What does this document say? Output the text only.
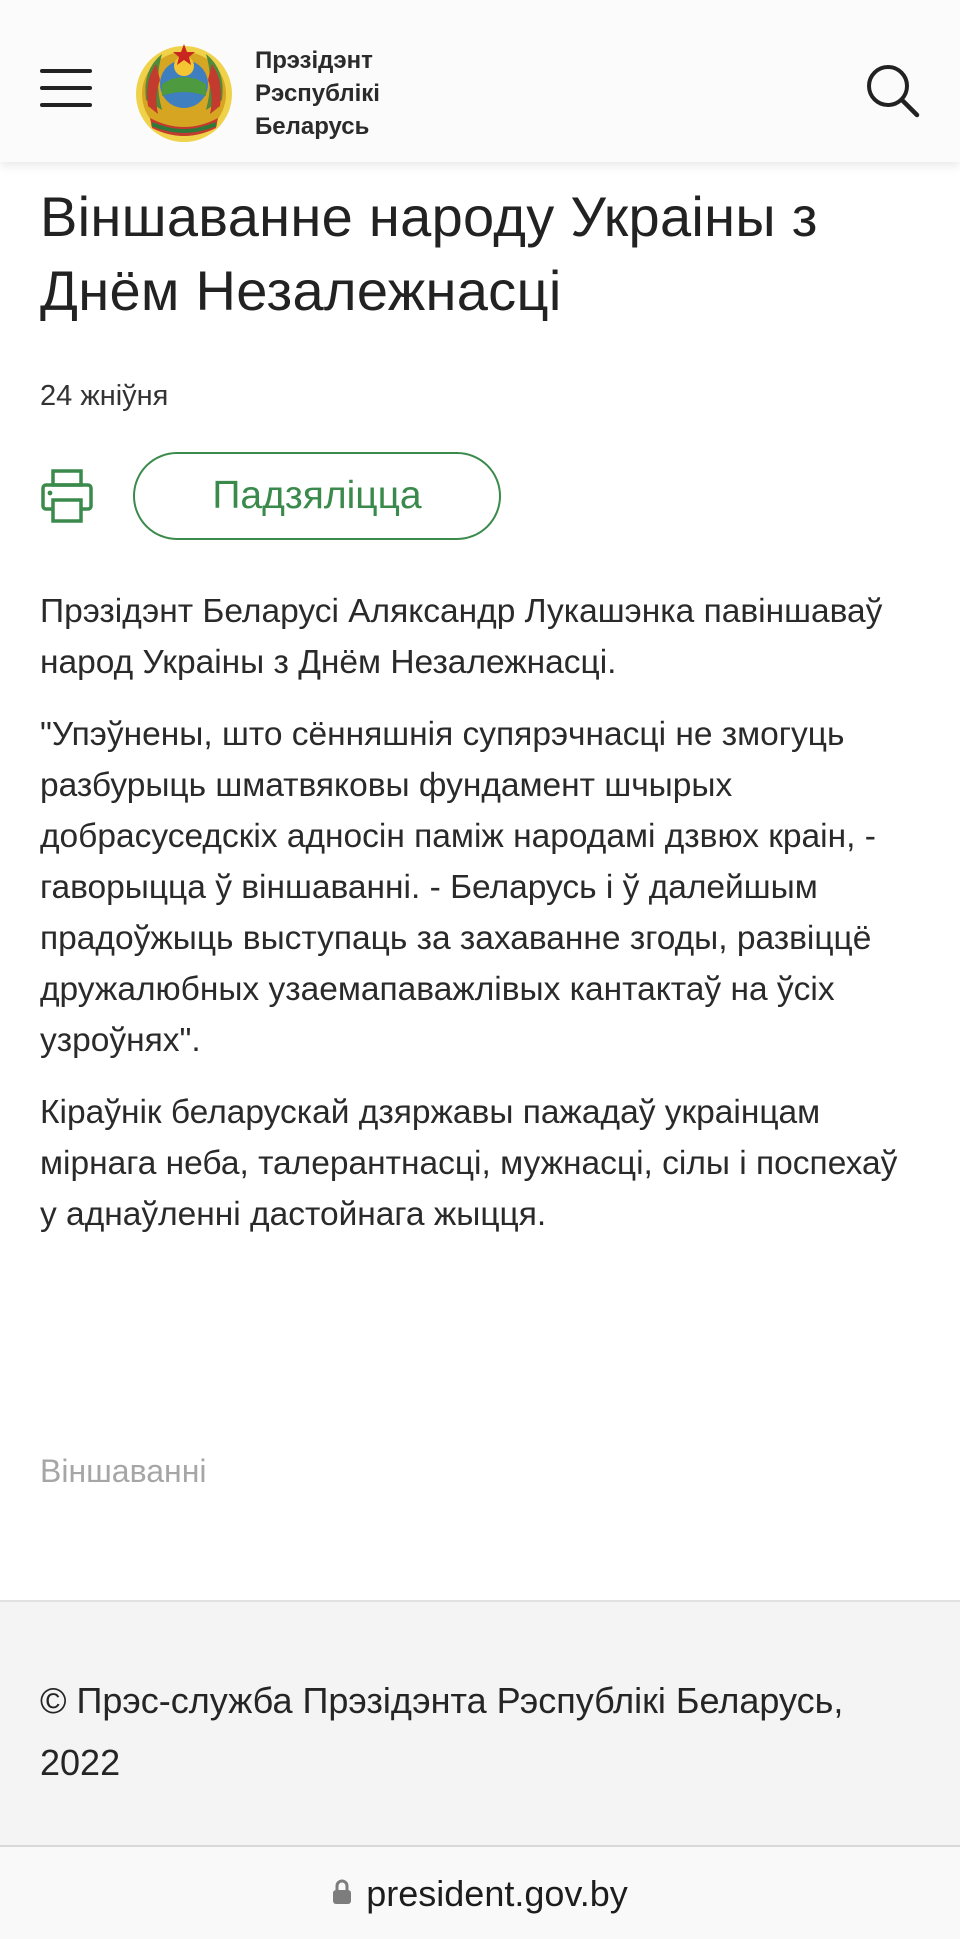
Прэзідэнт
Рэспублікі
Беларусь
Віншаванне народу Украіны з Днём Незалежнасці
24 жніўня
Падзяліцца

Прэзідэнт Беларусі Аляксандр Лукашэнка павіншаваў народ Украіны з Днём Незалежнасці.

"Упэўнены, што сённяшнія супярэчнасці не змогуць разбурыць шматвяковы фундамент шчырых добрасуседскіх адносін паміж народамі дзвюх краін, - гаворыцца ў віншаванні. - Беларусь і ў далейшым прадоўжыць выступаць за захаванне згоды, развіццё дружалюбных узаемапаважлівых кантактаў на ўсіх узроўнях".

Кіраўнік беларускай дзяржавы пажадаў украінцам мірнага неба, талерантнасці, мужнасці, сілы і поспехаў у аднаўленні дастойнага жыцця.

Віншаванні
© Прэс-служба Прэзідэнта Рэспублікі Беларусь, 2022
president.gov.by
